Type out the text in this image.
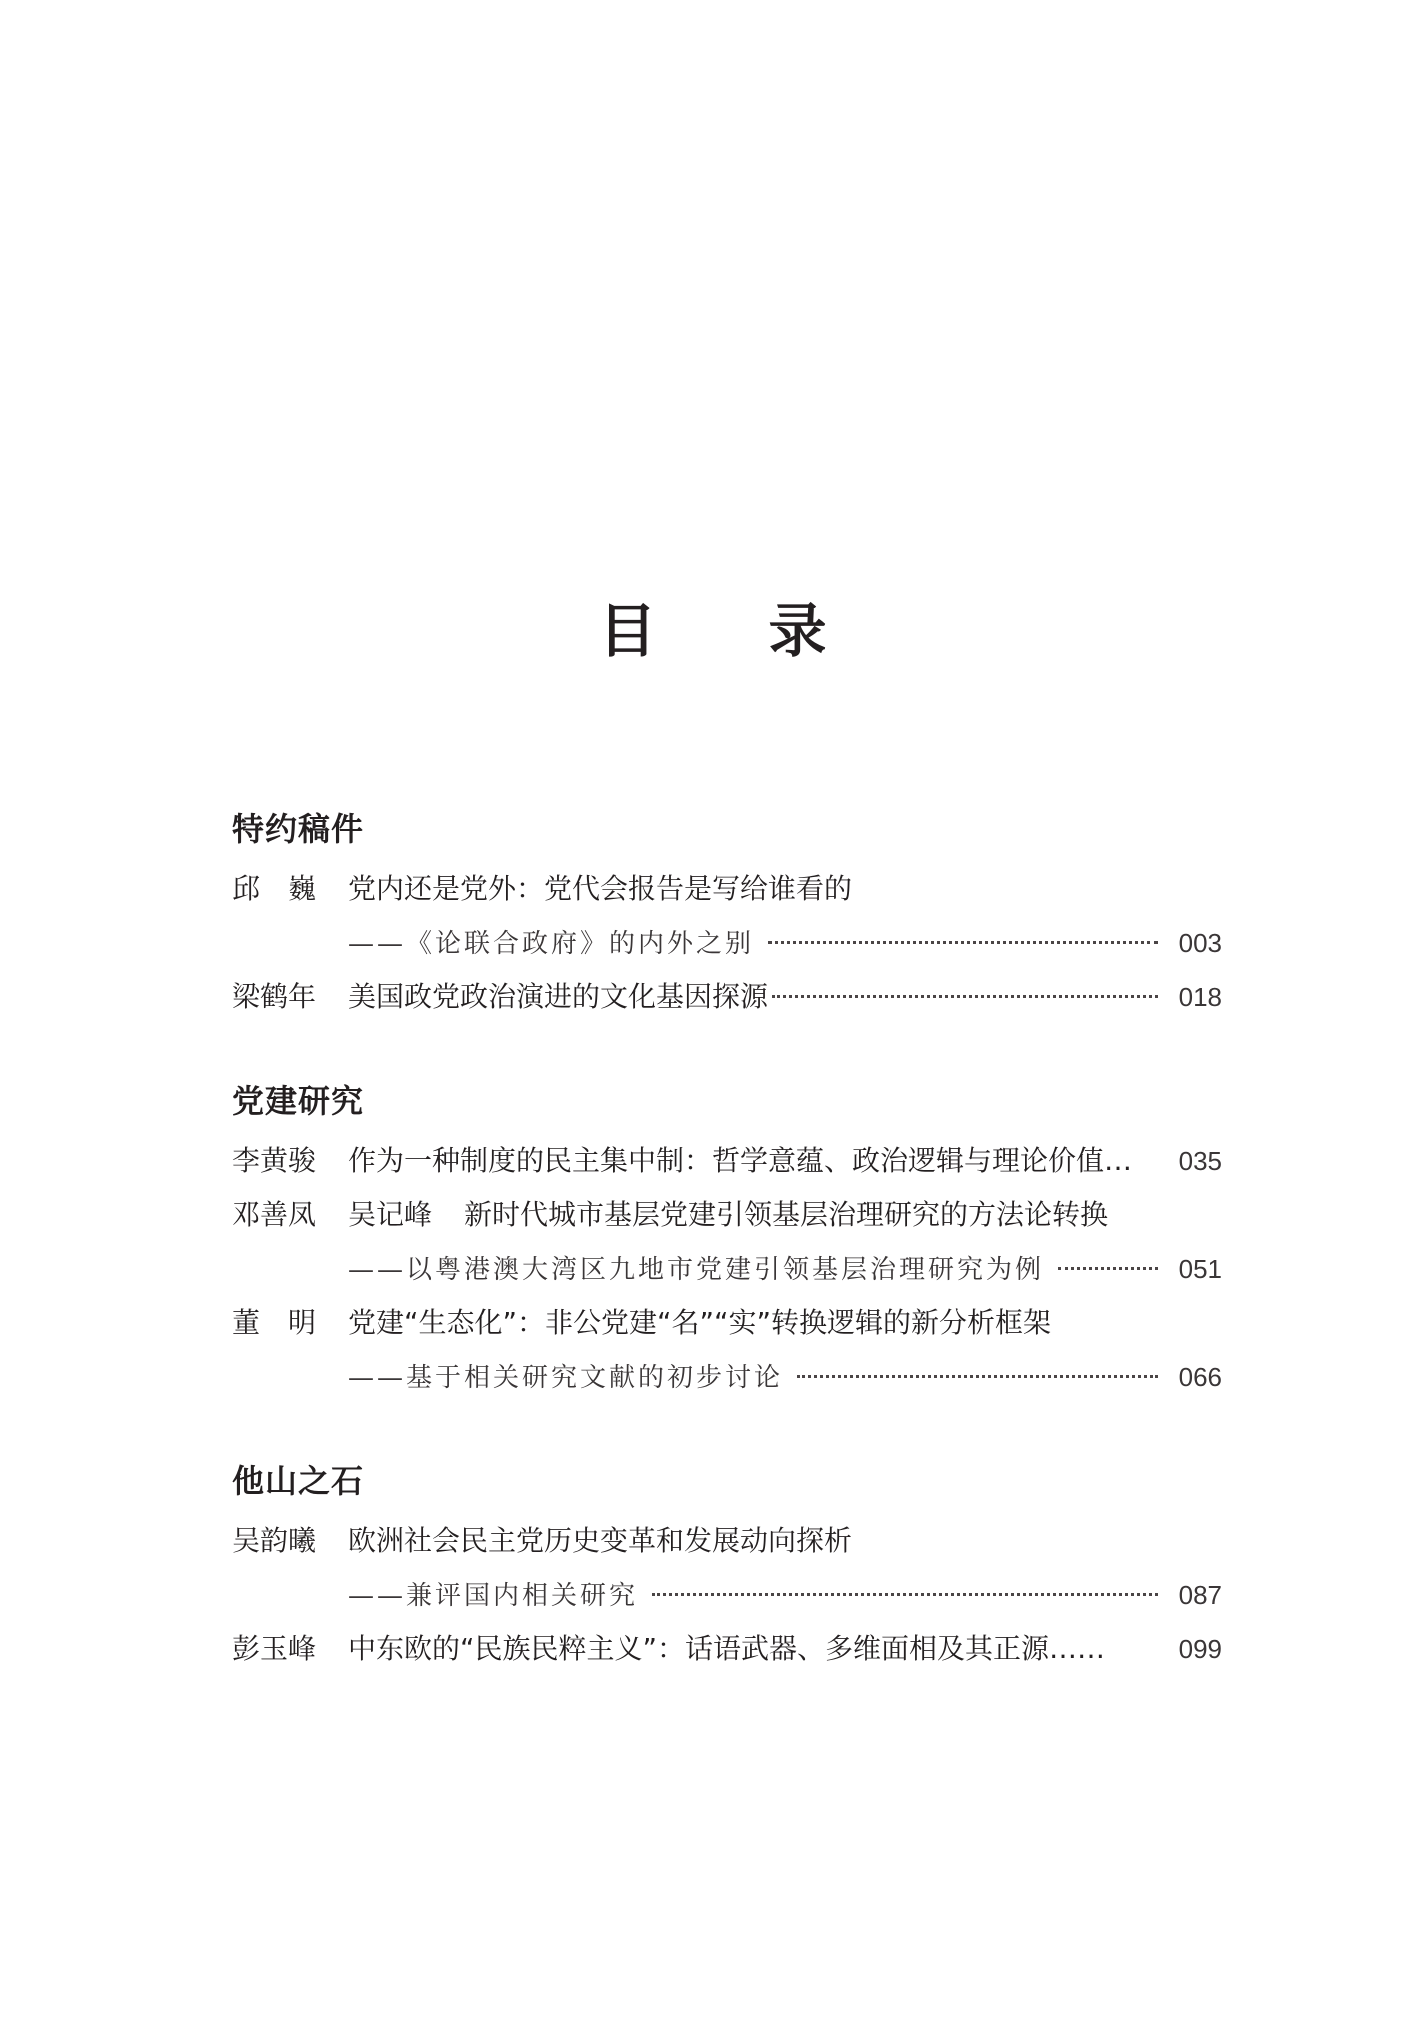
目 录
特约稿件
邱　巍	党内还是党外：党代会报告是写给谁看的
——《论联合政府》的内外之别	003
梁鹤年	美国政党政治演进的文化基因探源	018
党建研究
李黄骏	作为一种制度的民主集中制：哲学意蕴、政治逻辑与理论价值… 035
邓善凤	吴记峰	新时代城市基层党建引领基层治理研究的方法论转换
——以粤港澳大湾区九地市党建引领基层治理研究为例	051
董　明	党建“生态化”：非公党建“名”“实”转换逻辑的新分析框架
——基于相关研究文献的初步讨论	066
他山之石
吴韵曦	欧洲社会民主党历史变革和发展动向探析
——兼评国内相关研究	087
彭玉峰	中东欧的“民族民粹主义”：话语武器、多维面相及其正源……	099
